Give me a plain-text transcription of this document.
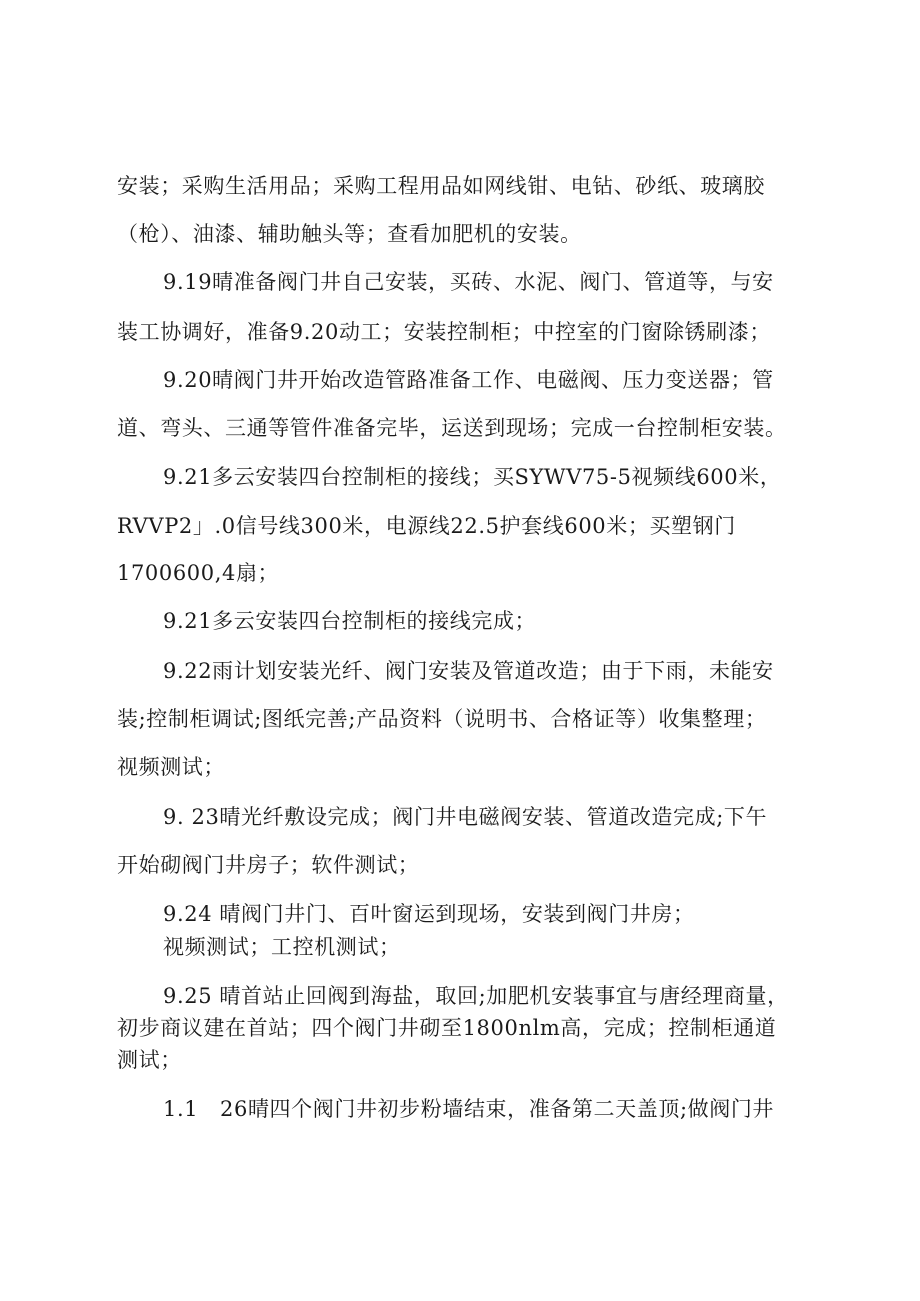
安装；采购生活用品；采购工程用品如网线钳、电钻、砂纸、玻璃胶
（枪）、油漆、辅助触头等；查看加肥机的安装。
9.19晴准备阀门井自己安装，买砖、水泥、阀门、管道等，与安
装工协调好，准备9.20动工；安装控制柜；中控室的门窗除锈刷漆；
9.20晴阀门井开始改造管路准备工作、电磁阀、压力变送器；管
道、弯头、三通等管件准备完毕，运送到现场；完成一台控制柜安装。
9.21多云安装四台控制柜的接线；买SYWV75-5视频线600米，
RVVP2」.0信号线300米，电源线22.5护套线600米；买塑钢门
1700600,4扇；
9.21多云安装四台控制柜的接线完成；
9.22雨计划安装光纤、阀门安装及管道改造；由于下雨，未能安
装;控制柜调试;图纸完善;产品资料（说明书、合格证等）收集整理；
视频测试；
9. 23晴光纤敷设完成；阀门井电磁阀安装、管道改造完成;下午
开始砌阀门井房子；软件测试；
9.24 晴阀门井门、百叶窗运到现场，安装到阀门井房；
视频测试；工控机测试；
9.25 晴首站止回阀到海盐，取回;加肥机安装事宜与唐经理商量，
初步商议建在首站；四个阀门井砌至1800nlm高，完成；控制柜通道
测试；
1.1   26晴四个阀门井初步粉墙结束，准备第二天盖顶;做阀门井
